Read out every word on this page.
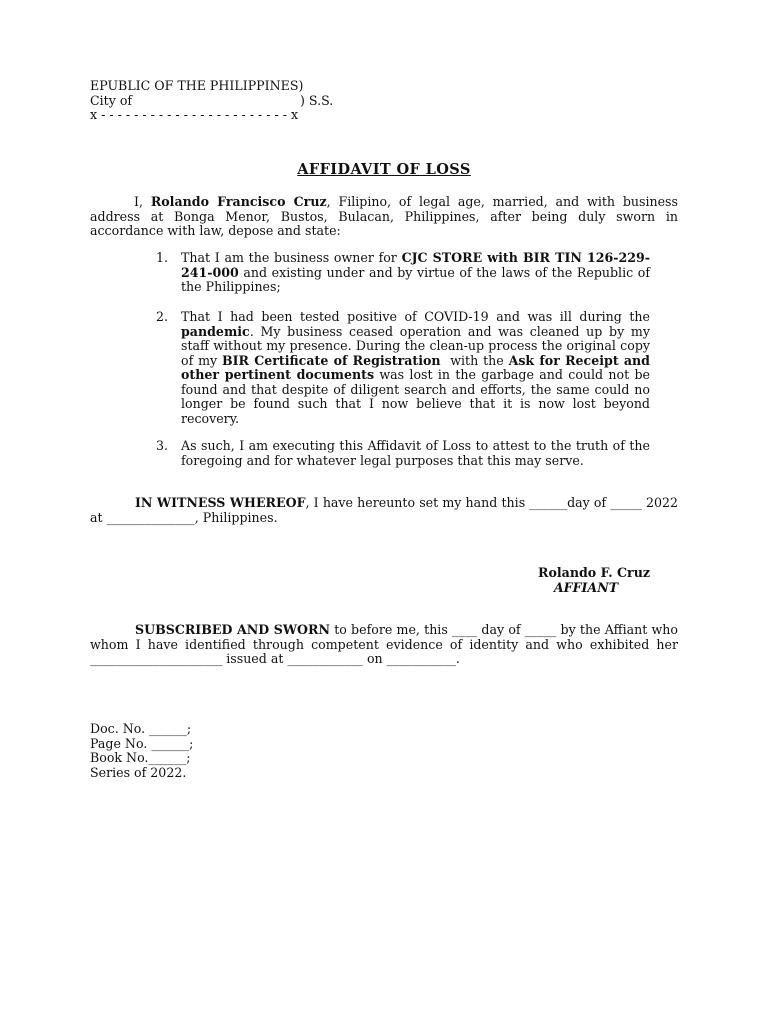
EPUBLIC OF THE PHILIPPINES)
City of	) S.S.
x - - - - - - - - - - - - - - - - - - - - - - - x
AFFIDAVIT OF LOSS
I, Rolando Francisco Cruz, Filipino, of legal age, married, and with business address at Bonga Menor, Bustos, Bulacan, Philippines, after being duly sworn in accordance with law, depose and state:
1.	That I am the business owner for CJC STORE with BIR TIN 126-229-241-000 and existing under and by virtue of the laws of the Republic of the Philippines;
2.	That I had been tested positive of COVID-19 and was ill during the pandemic. My business ceased operation and was cleaned up by my staff without my presence. During the clean-up process the original copy of my BIR Certificate of Registration  with the Ask for Receipt and other pertinent documents was lost in the garbage and could not be found and that despite of diligent search and efforts, the same could no longer be found such that I now believe that it is now lost beyond recovery.
3.	As such, I am executing this Affidavit of Loss to attest to the truth of the foregoing and for whatever legal purposes that this may serve.
IN WITNESS WHEREOF, I have hereunto set my hand this ______day of _____ 2022 at ______________, Philippines.
Rolando F. Cruz
AFFIANT
SUBSCRIBED AND SWORN to before me, this ____ day of _____ by the Affiant who whom I have identified through competent evidence of identity and who exhibited her _____________________ issued at ____________ on ___________.
Doc. No. ______;
Page No. ______;
Book No.______;
Series of 2022.
